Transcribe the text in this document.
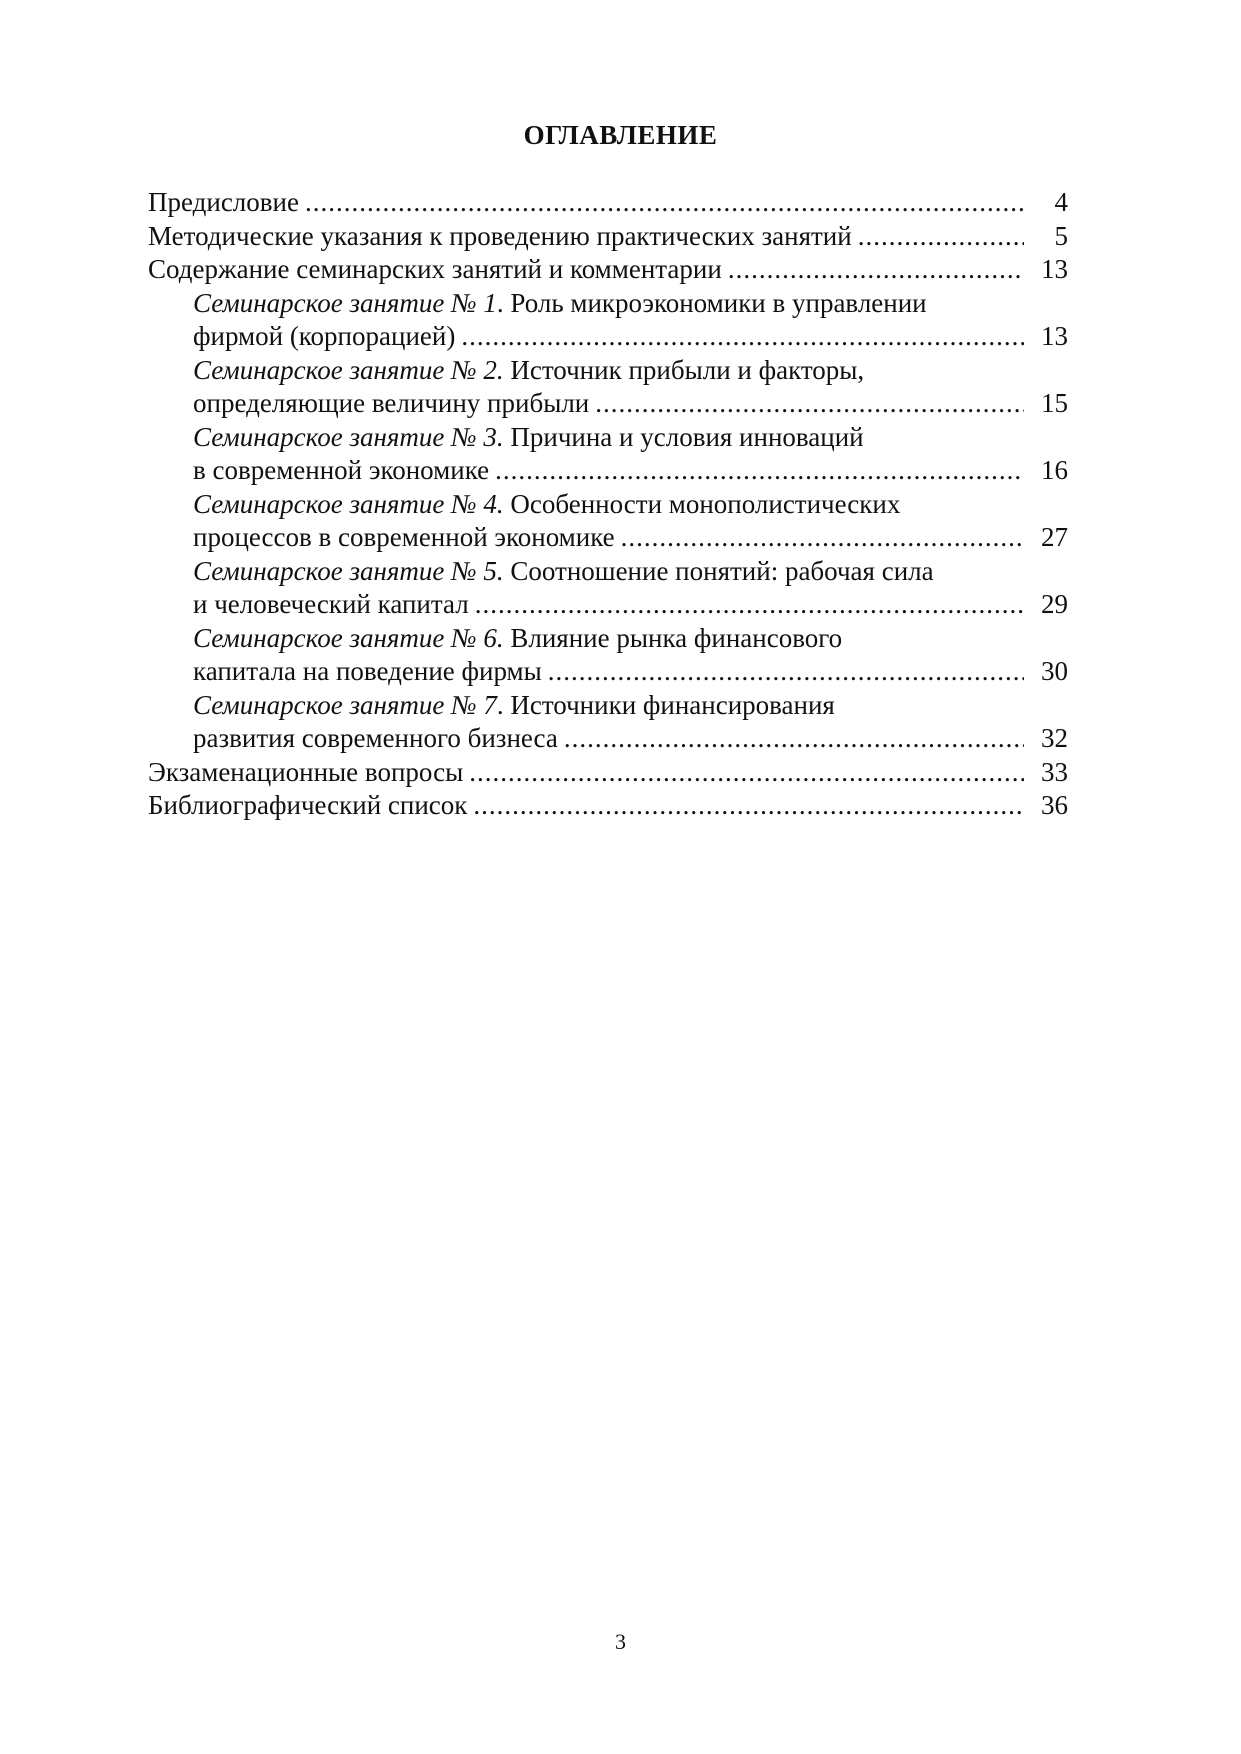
ОГЛАВЛЕНИЕ
Предисловие .....	4
Методические указания к проведению практических занятий .....	5
Содержание семинарских занятий и комментарии .....	13
Семинарское занятие № 1. Роль микроэкономики в управлении
фирмой (корпорацией) .....	13
Семинарское занятие № 2. Источник прибыли и факторы,
определяющие величину прибыли .....	15
Семинарское занятие № 3. Причина и условия инноваций
в современной экономике .....	16
Семинарское занятие № 4. Особенности монополистических
процессов в современной экономике .....	27
Семинарское занятие № 5. Соотношение понятий: рабочая сила
и человеческий капитал .....	29
Семинарское занятие № 6. Влияние рынка финансового
капитала на поведение фирмы .....	30
Семинарское занятие № 7. Источники финансирования
развития современного бизнеса .....	32
Экзаменационные вопросы .....	33
Библиографический список .....	36
3
